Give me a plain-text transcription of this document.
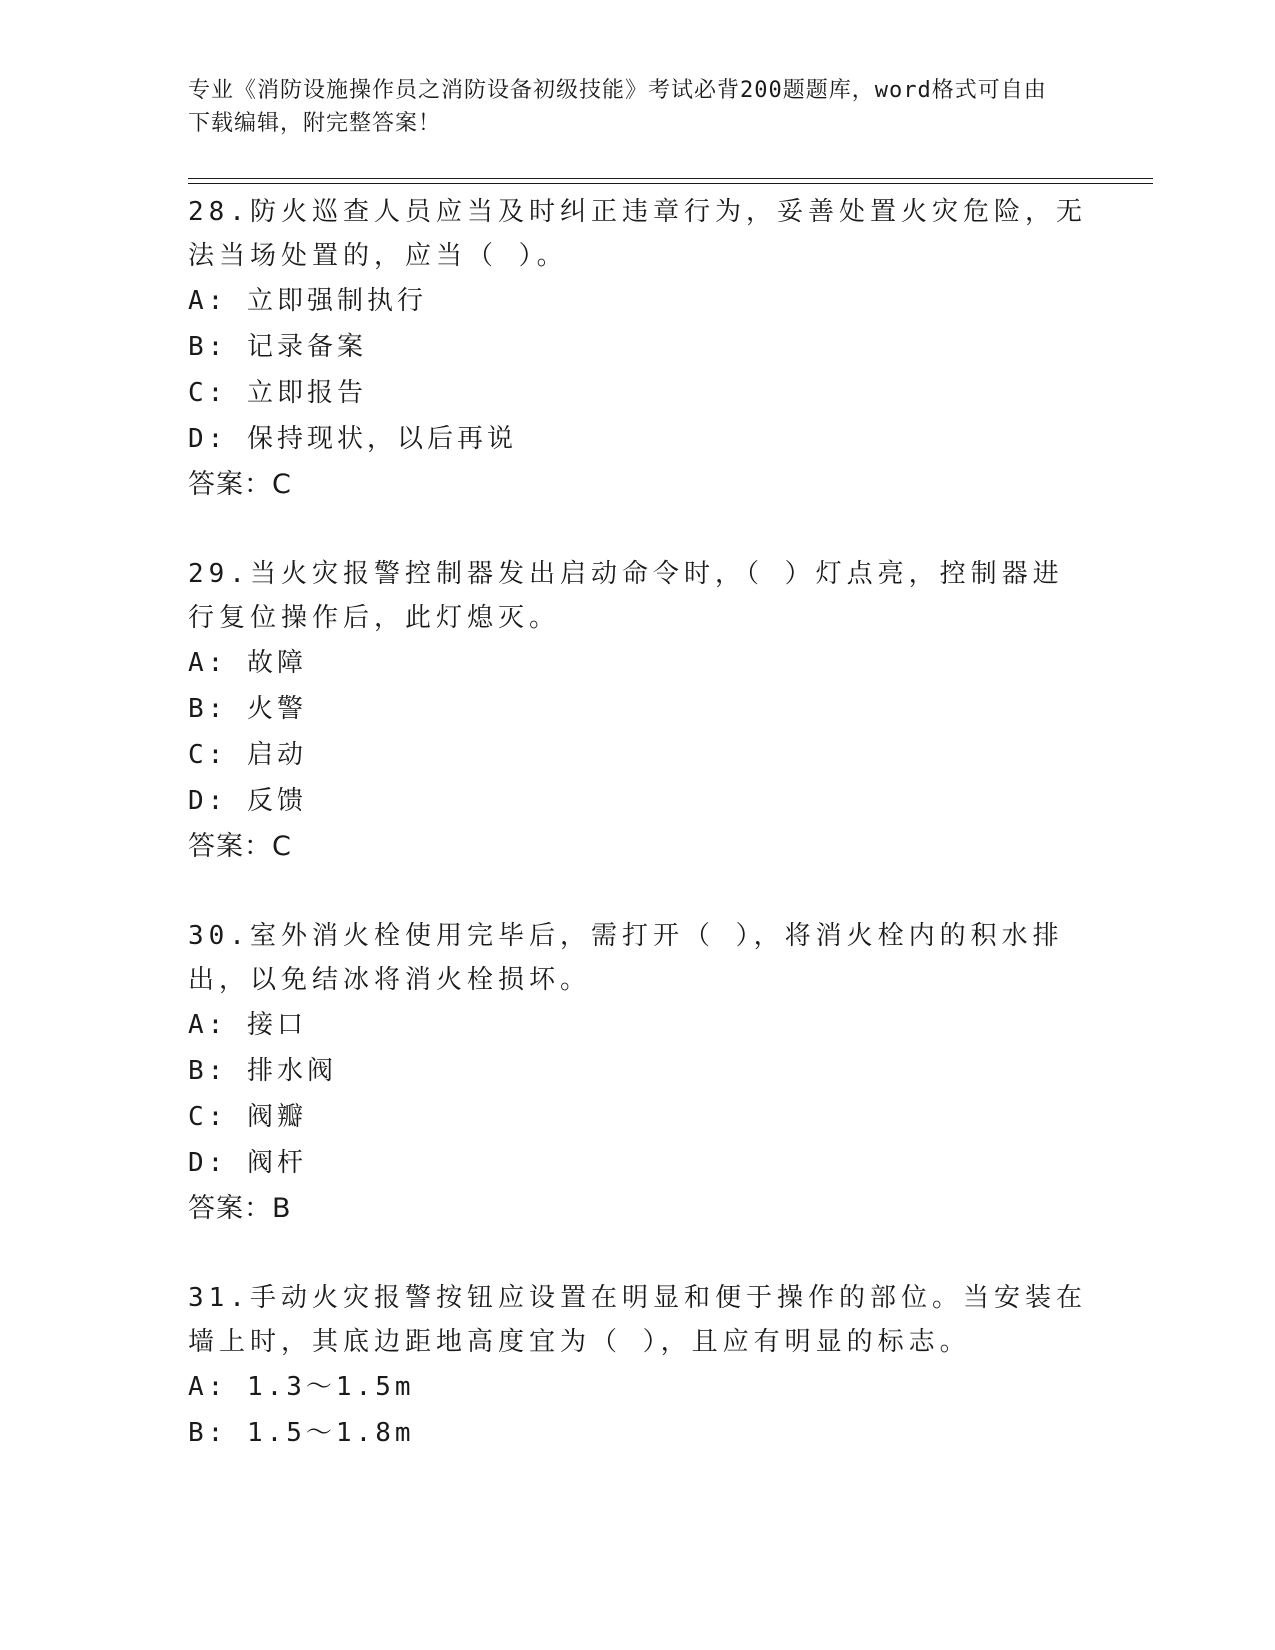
专业《消防设施操作员之消防设备初级技能》考试必背200题题库，word格式可自由下载编辑，附完整答案！

28.防火巡查人员应当及时纠正违章行为，妥善处置火灾危险，无法当场处置的，应当（ ）。

A: 立即强制执行

B: 记录备案

C: 立即报告

D: 保持现状，以后再说

答案：C

29.当火灾报警控制器发出启动命令时，（ ）灯点亮，控制器进行复位操作后，此灯熄灭。

A: 故障

B: 火警

C: 启动

D: 反馈

答案：C

30.室外消火栓使用完毕后，需打开（ ），将消火栓内的积水排出，以免结冰将消火栓损坏。

A: 接口

B: 排水阀

C: 阀瓣

D: 阀杆

答案：B

31.手动火灾报警按钮应设置在明显和便于操作的部位。当安装在墙上时，其底边距地高度宜为（ ），且应有明显的标志。

A: 1.3～1.5m

B: 1.5～1.8m
